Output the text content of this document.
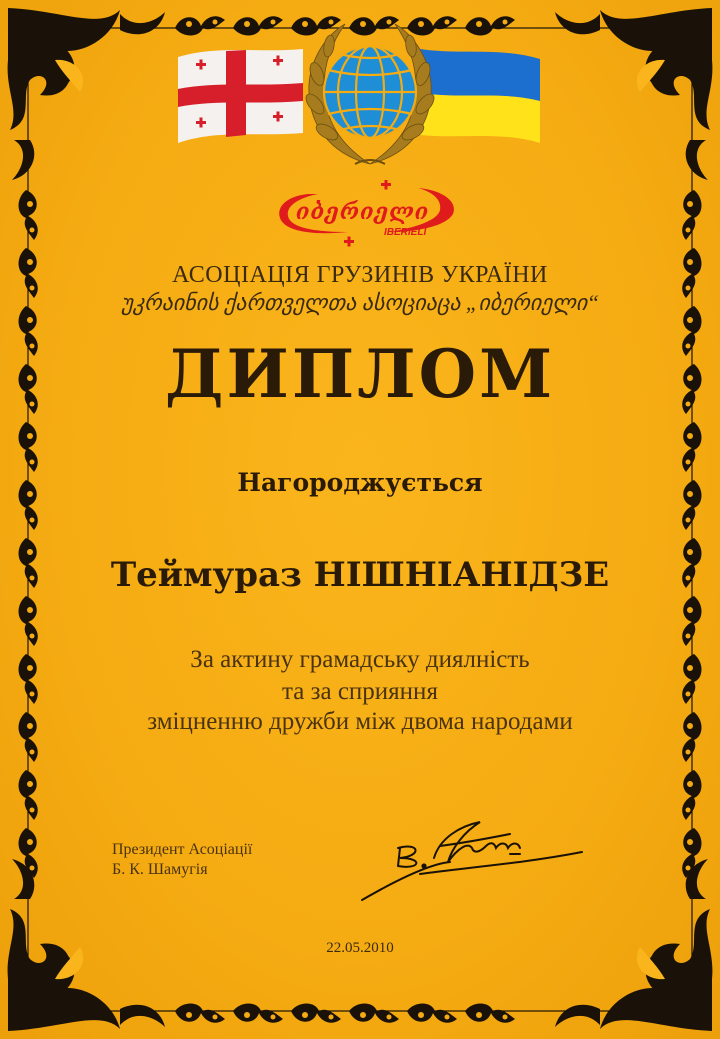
იბერიელი
IBERIELI
АСОЦІАЦІЯ ГРУЗИНІВ УКРАЇНИ
უკრაინის ქართველთა ასოციაცა „იბერიელი“
ДИПЛОМ
Нагороджується
Теймураз НІШНІАНІДЗЕ
За актину грамадську диялність
та за сприяння
зміцненню дружби між двома народами
Президент Асоціації
Б. К. Шамугія
22.05.2010
